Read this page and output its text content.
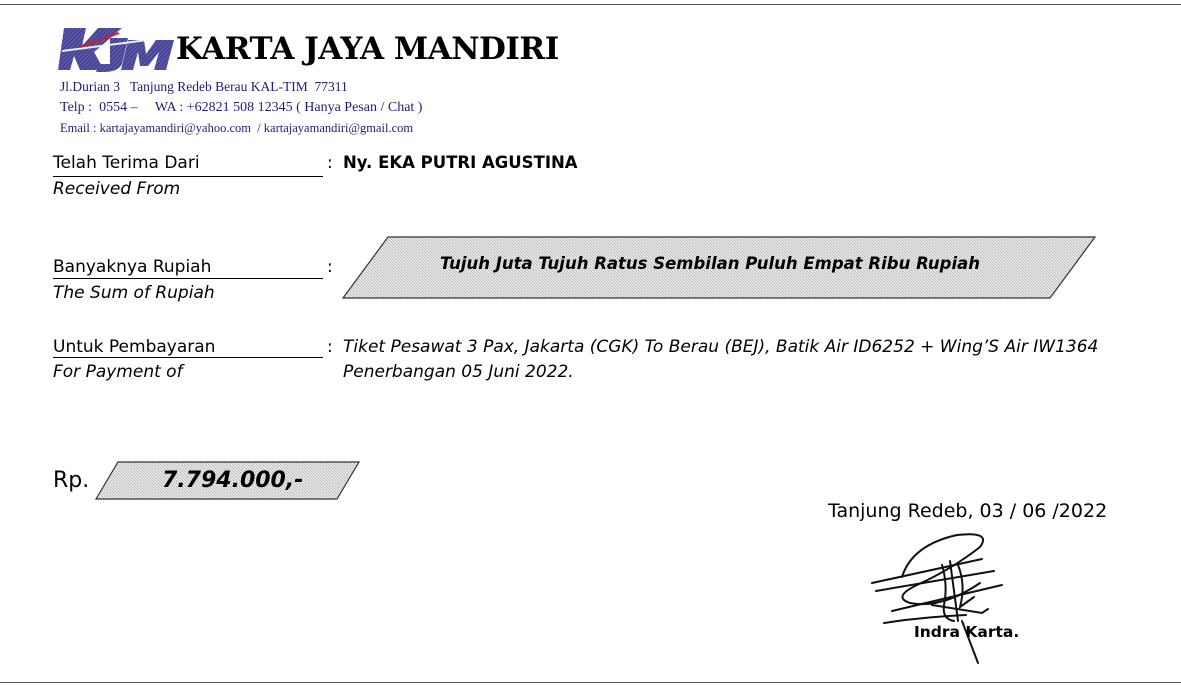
KARTA JAYA MANDIRI
Jl.Durian 3   Tanjung Redeb Berau KAL-TIM  77311
Telp :  0554 –     WA : +62821 508 12345 ( Hanya Pesan / Chat )
Email : kartajayamandiri@yahoo.com  / kartajayamandiri@gmail.com
Telah Terima Dari
Received From
: Ny. EKA PUTRI AGUSTINA
Banyaknya Rupiah
The Sum of Rupiah
:	Tujuh Juta Tujuh Ratus Sembilan Puluh Empat Ribu Rupiah
Untuk Pembayaran
For Payment of
: Tiket Pesawat 3 Pax, Jakarta (CGK) To Berau (BEJ), Batik Air ID6252 + Wing’S Air IW1364
Penerbangan 05 Juni 2022.
Rp.	7.794.000,-
Tanjung Redeb, 03 / 06 /2022
Indra Karta.
